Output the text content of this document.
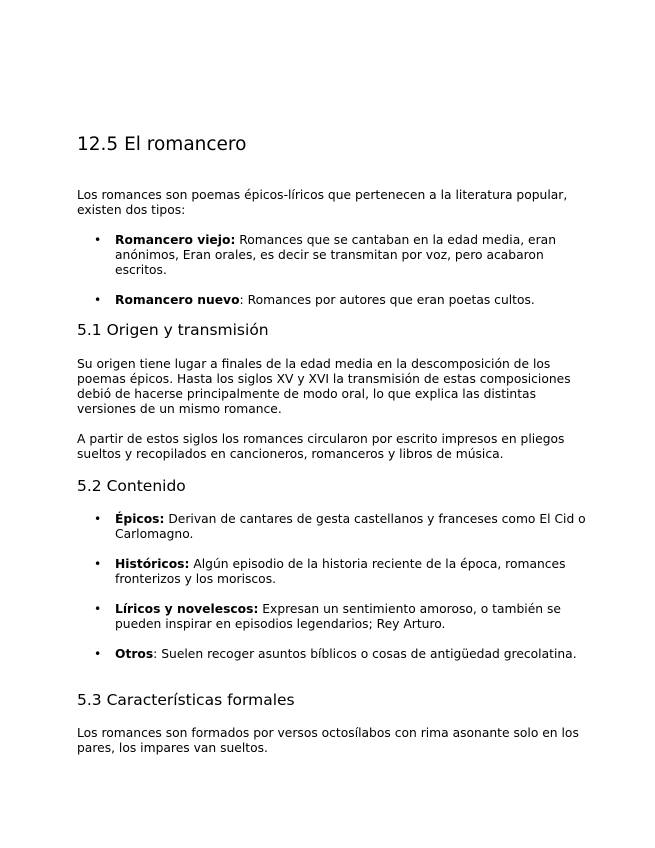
12.5 El romancero

Los romances son poemas épicos-líricos que pertenecen a la literatura popular, existen dos tipos:

• Romancero viejo: Romances que se cantaban en la edad media, eran anónimos, Eran orales, es decir se transmitan por voz, pero acabaron escritos.
• Romancero nuevo: Romances por autores que eran poetas cultos.
5.1 Origen y transmisión

Su origen tiene lugar a finales de la edad media en la descomposición de los poemas épicos. Hasta los siglos XV y XVI la transmisión de estas composiciones debió de hacerse principalmente de modo oral, lo que explica las distintas versiones de un mismo romance.

A partir de estos siglos los romances circularon por escrito impresos en pliegos sueltos y recopilados en cancioneros, romanceros y libros de música.

5.2 Contenido
• Épicos: Derivan de cantares de gesta castellanos y franceses como El Cid o Carlomagno.
• Históricos: Algún episodio de la historia reciente de la época, romances fronterizos y los moriscos.
• Líricos y novelescos: Expresan un sentimiento amoroso, o también se pueden inspirar en episodios legendarios; Rey Arturo.
• Otros: Suelen recoger asuntos bíblicos o cosas de antigüedad grecolatina.
5.3 Características formales

Los romances son formados por versos octosílabos con rima asonante solo en los pares, los impares van sueltos.
